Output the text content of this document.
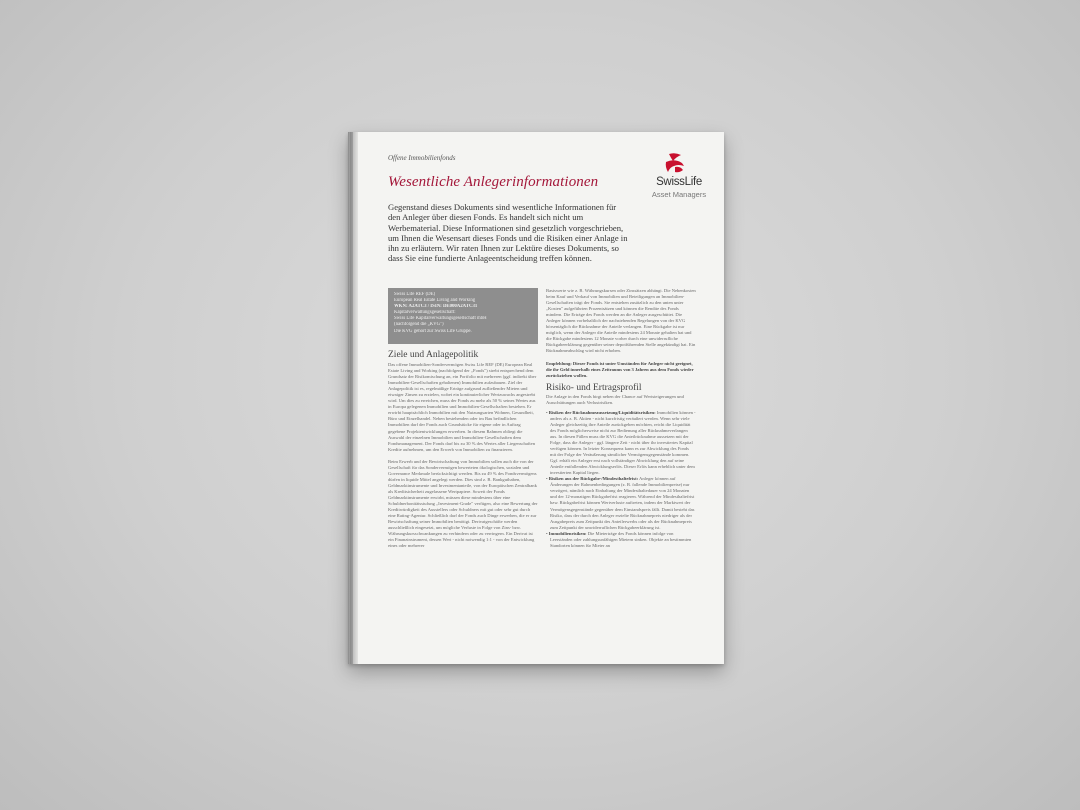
Offene Immobilienfonds
Wesentliche Anlegerinformationen	SwissLife
Asset Managers

Gegenstand dieses Dokuments sind wesentliche Informationen für den Anleger über diesen Fonds. Es handelt sich nicht um Werbematerial. Diese Informationen sind gesetzlich vorgeschrieben, um Ihnen die Wesensart dieses Fonds und die Risiken einer Anlage in ihn zu erläutern. Wir raten Ihnen zur Lektüre dieses Dokuments, so dass Sie eine fundierte Anlageentscheidung treffen können.

Swiss Life REF (DE)
European Real Estate Living and Working
WKN: A2ATC3 / ISIN: DE000A2ATC31
Kapitalverwaltungsgesellschaft:
Swiss Life Kapitalverwaltungsgesellschaft mbH
(nachfolgend die „KVG")
Die KVG gehört zur Swiss Life Gruppe.
Ziele und Anlagepolitik

Das offene Immobilien-Sondervermögen Swiss Life REF (DE) European Real Estate Living and Working (nachfolgend der „Fonds") strebt entsprechend dem Grundsatz der Risikomischung an, ein Portfolio mit mehreren (ggf. indirekt über Immobilien-Gesellschaften gehaltenen) Immobilien aufzubauen. Ziel der Anlagepolitik ist es, regelmäßige Erträge aufgrund zufließender Mieten und etwaiger Zinsen zu erzielen, wobei ein kontinuierlicher Wertzuwachs angestrebt wird. Um dies zu erreichen, muss der Fonds zu mehr als 50 % seines Wertes aus in Europa gelegenen Immobilien und Immobilien-Gesellschaften bestehen. Er erwirbt hauptsächlich Immobilien mit den Nutzungsarten Wohnen, Gesundheit, Büro und Einzelhandel. Neben bestehenden oder im Bau befindlichen Immobilien darf der Fonds auch Grundstücke für eigene oder in Auftrag gegebene Projektentwicklungen erwerben. In diesem Rahmen obliegt die Auswahl der einzelnen Immobilien und Immobilien-Gesellschaften dem Fondsmanagement. Der Fonds darf bis zu 30 % des Wertes aller Liegenschaften Kredite aufnehmen, um den Erwerb von Immobilien zu finanzieren.

Beim Erwerb und der Bewirtschaftung von Immobilien sollen auch die von der Gesellschaft für das Sondervermögen bewerteten ökologischen, sozialen und Governance Merkmale berücksichtigt werden. Bis zu 49 % des Fondsvermögens dürfen in liquide Mittel angelegt werden. Dies sind z. B. Bankguthaben, Geldmarktinstrumente und Investmentanteile, von der Europäischen Zentralbank als Kreditsicherheit zugelassene Wertpapiere. Soweit der Fonds Geldmarktinstrumente erwirbt, müssen diese mindestens über eine Schuldnerbonitätsstufung „Investment-Grade" verfügen, also eine Bewertung der Kreditwürdigkeit des Ausstellers oder Schuldners mit gut oder sehr gut durch eine Rating-Agentur. Schließlich darf der Fonds auch Dinge erwerben, die er zur Bewirtschaftung seiner Immobilien benötigt. Derivatgeschäfte werden ausschließlich eingesetzt, um mögliche Verluste in Folge von Zins- bzw. Währungskursschwankungen zu verhindern oder zu verringern. Ein Derivat ist ein Finanzinstrument, dessen Wert - nicht notwendig 1:1 - von der Entwicklung eines oder mehrerer

Basiswerte wie z. B. Währungskursen oder Zinssätzen abhängt. Die Nebenkosten beim Kauf und Verkauf von Immobilien und Beteiligungen an Immobilien-Gesellschaften trägt der Fonds. Sie entstehen zusätzlich zu den unten unter „Kosten" aufgeführten Prozentsätzen und können die Rendite des Fonds mindern. Die Erträge des Fonds werden an die Anleger ausgeschüttet. Die Anleger können vorbehaltlich der nachstehenden Regelungen von der KVG börsentäglich die Rücknahme der Anteile verlangen. Eine Rückgabe ist nur möglich, wenn der Anleger die Anteile mindestens 24 Monate gehalten hat und die Rückgabe mindestens 12 Monate vorher durch eine unwiderrufliche Rückgabeerklärung gegenüber seiner depotführenden Stelle angekündigt hat. Ein Rücknahmeabschlag wird nicht erhoben.

Empfehlung: Dieser Fonds ist unter Umständen für Anleger nicht geeignet, die ihr Geld innerhalb eines Zeitraums von 3 Jahren aus dem Fonds wieder zurückziehen wollen.

Risiko- und Ertragsprofil

Die Anlage in den Fonds birgt neben der Chance auf Wertsteigerungen und Ausschüttungen auch Verlustrisiken.

• Risiken der Rücknahmeaussetzung/Liquiditätsrisiken: Immobilien können - anders als z. B. Aktien - nicht kurzfristig veräußert werden. Wenn sehr viele Anleger gleichzeitig ihre Anteile zurückgeben möchten, reicht die Liquidität des Fonds möglicherweise nicht zur Bedienung aller Rücknahmeverlangen aus. In diesen Fällen muss die KVG die Anteilrücknahme aussetzen mit der Folge, dass die Anleger - ggf. längere Zeit - nicht über ihr investiertes Kapital verfügen können. In letzter Konsequenz kann es zur Abwicklung des Fonds mit der Folge der Veräußerung sämtlicher Vermögensgegenstände kommen. Ggf. erhält ein Anleger erst nach vollständiger Abwicklung den auf seine Anteile entfallenden Abwicklungserlös. Dieser Erlös kann erheblich unter dem investierten Kapital liegen.

• Risiken aus der Rückgabe-/Mindesthaltefrist: Anleger können auf Änderungen der Rahmenbedingungen (z. B. fallende Immobilienpreise) nur verzögert, nämlich nach Einhaltung der Mindesthaltedauer von 24 Monaten und der 12-monatigen Rückgabefrist reagieren. Während der Mindesthaltefrist bzw. Rückgabefrist können Wertverluste auftreten, indem der Marktwert der Vermögensgegenstände gegenüber dem Einstandspreis fällt. Damit besteht das Risiko, dass der durch den Anleger erzielte Rücknahmepreis niedriger als der Ausgabepreis zum Zeitpunkt des Anteilerwerbs oder als der Rücknahmepreis zum Zeitpunkt der unwiderruflichen Rückgabeerklärung ist.

• Immobilienrisiken: Die Mieterträge des Fonds können infolge von Leerständen oder zahlungsunfähigen Mietern sinken. Objekte an bestimmten Standorten können für Mieter an
